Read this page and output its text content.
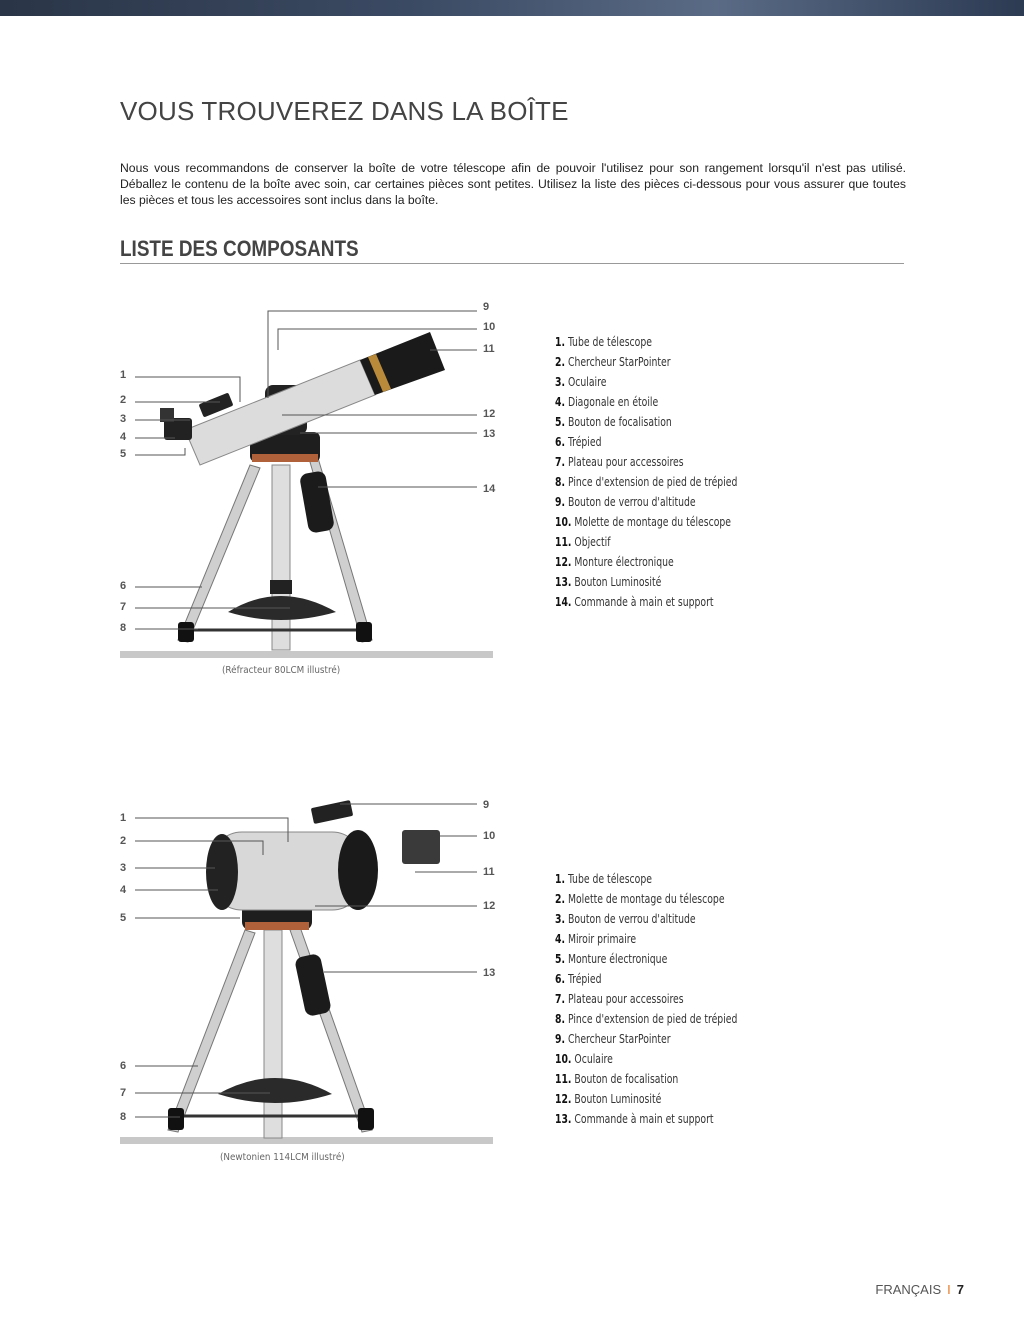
VOUS TROUVEREZ DANS LA BOÎTE
Nous vous recommandons de conserver la boîte de votre télescope afin de pouvoir l'utilisez pour son rangement lorsqu'il n'est pas utilisé. Déballez le contenu de la boîte avec soin, car certaines pièces sont petites. Utilisez la liste des pièces ci-dessous pour vous assurer que toutes les pièces et tous les accessoires sont inclus dans la boîte.
LISTE DES COMPOSANTS
1
2
3
4
5
6
7
8
9
10
11
12
13
14
(Réfracteur 80LCM illustré)
1. Tube de télescope
2. Chercheur StarPointer
3. Oculaire
4. Diagonale en étoile
5. Bouton de focalisation
6. Trépied
7. Plateau pour accessoires
8. Pince d'extension de pied de trépied
9. Bouton de verrou d'altitude
10. Molette de montage du télescope
11. Objectif
12. Monture électronique
13. Bouton Luminosité
14. Commande à main et support
1
2
3
4
5
6
7
8
9
10
11
12
13
(Newtonien 114LCM illustré)
1. Tube de télescope
2. Molette de montage du télescope
3. Bouton de verrou d'altitude
4. Miroir primaire
5. Monture électronique
6. Trépied
7. Plateau pour accessoires
8. Pince d'extension de pied de trépied
9. Chercheur StarPointer
10. Oculaire
11. Bouton de focalisation
12. Bouton Luminosité
13. Commande à main et support
FRANÇAIS I 7
